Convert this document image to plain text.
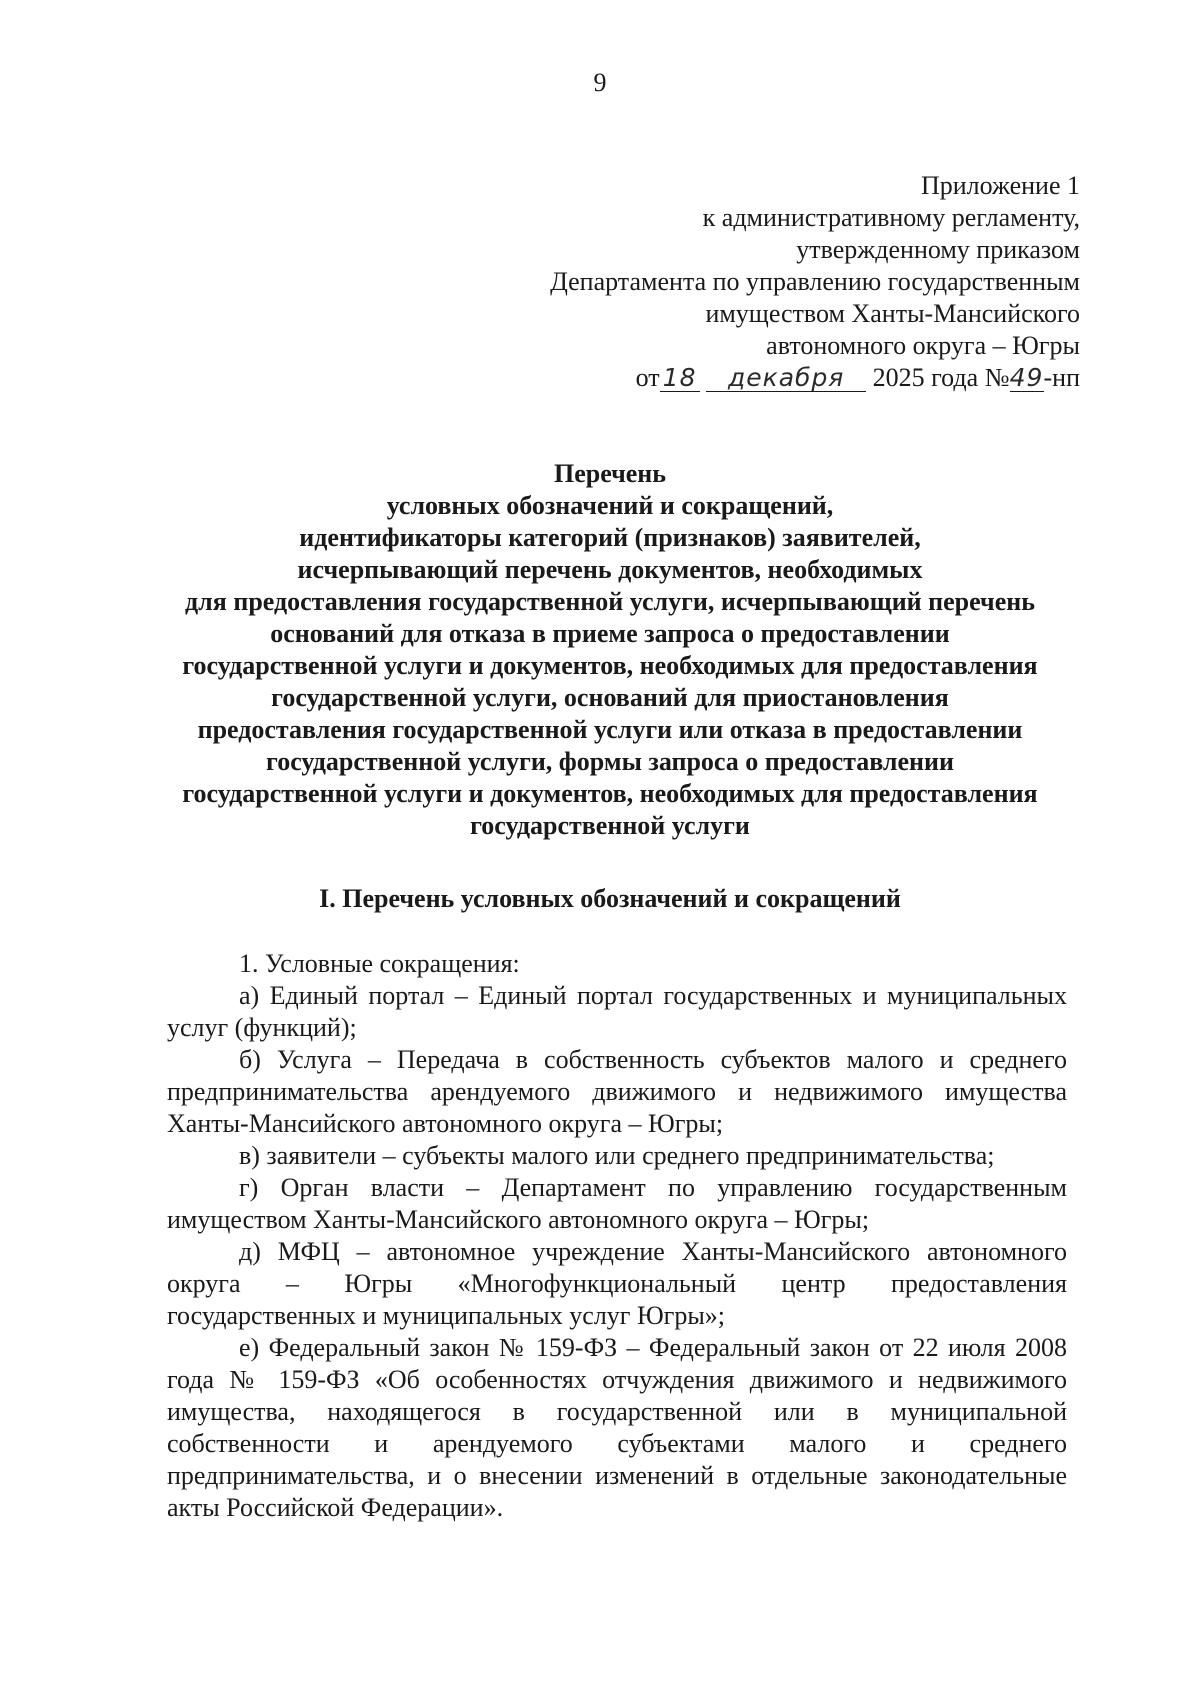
9
Приложение 1
к административному регламенту,
утвержденному приказом
Департамента по управлению государственным
имуществом Ханты-Мансийского
автономного округа – Югры
от 18 декабря 2025 года №49-нп
Перечень
условных обозначений и сокращений,
идентификаторы категорий (признаков) заявителей,
исчерпывающий перечень документов, необходимых
для предоставления государственной услуги, исчерпывающий перечень
оснований для отказа в приеме запроса о предоставлении
государственной услуги и документов, необходимых для предоставления
государственной услуги, оснований для приостановления
предоставления государственной услуги или отказа в предоставлении
государственной услуги, формы запроса о предоставлении
государственной услуги и документов, необходимых для предоставления
государственной услуги
I. Перечень условных обозначений и сокращений

1. Условные сокращения:

а) Единый портал – Единый портал государственных и муниципальных услуг (функций);

б) Услуга – Передача в собственность субъектов малого и среднего предпринимательства арендуемого движимого и недвижимого имущества Ханты-Мансийского автономного округа – Югры;

в) заявители – субъекты малого или среднего предпринимательства;

г) Орган власти – Департамент по управлению государственным имуществом Ханты-Мансийского автономного округа – Югры;

д) МФЦ – автономное учреждение Ханты-Мансийского автономного округа – Югры «Многофункциональный центр предоставления государственных и муниципальных услуг Югры»;

е) Федеральный закон № 159-ФЗ – Федеральный закон от 22 июля 2008 года № 159-ФЗ «Об особенностях отчуждения движимого и недвижимого имущества, находящегося в государственной или в муниципальной собственности и арендуемого субъектами малого и среднего предпринимательства, и о внесении изменений в отдельные законодательные акты Российской Федерации».
